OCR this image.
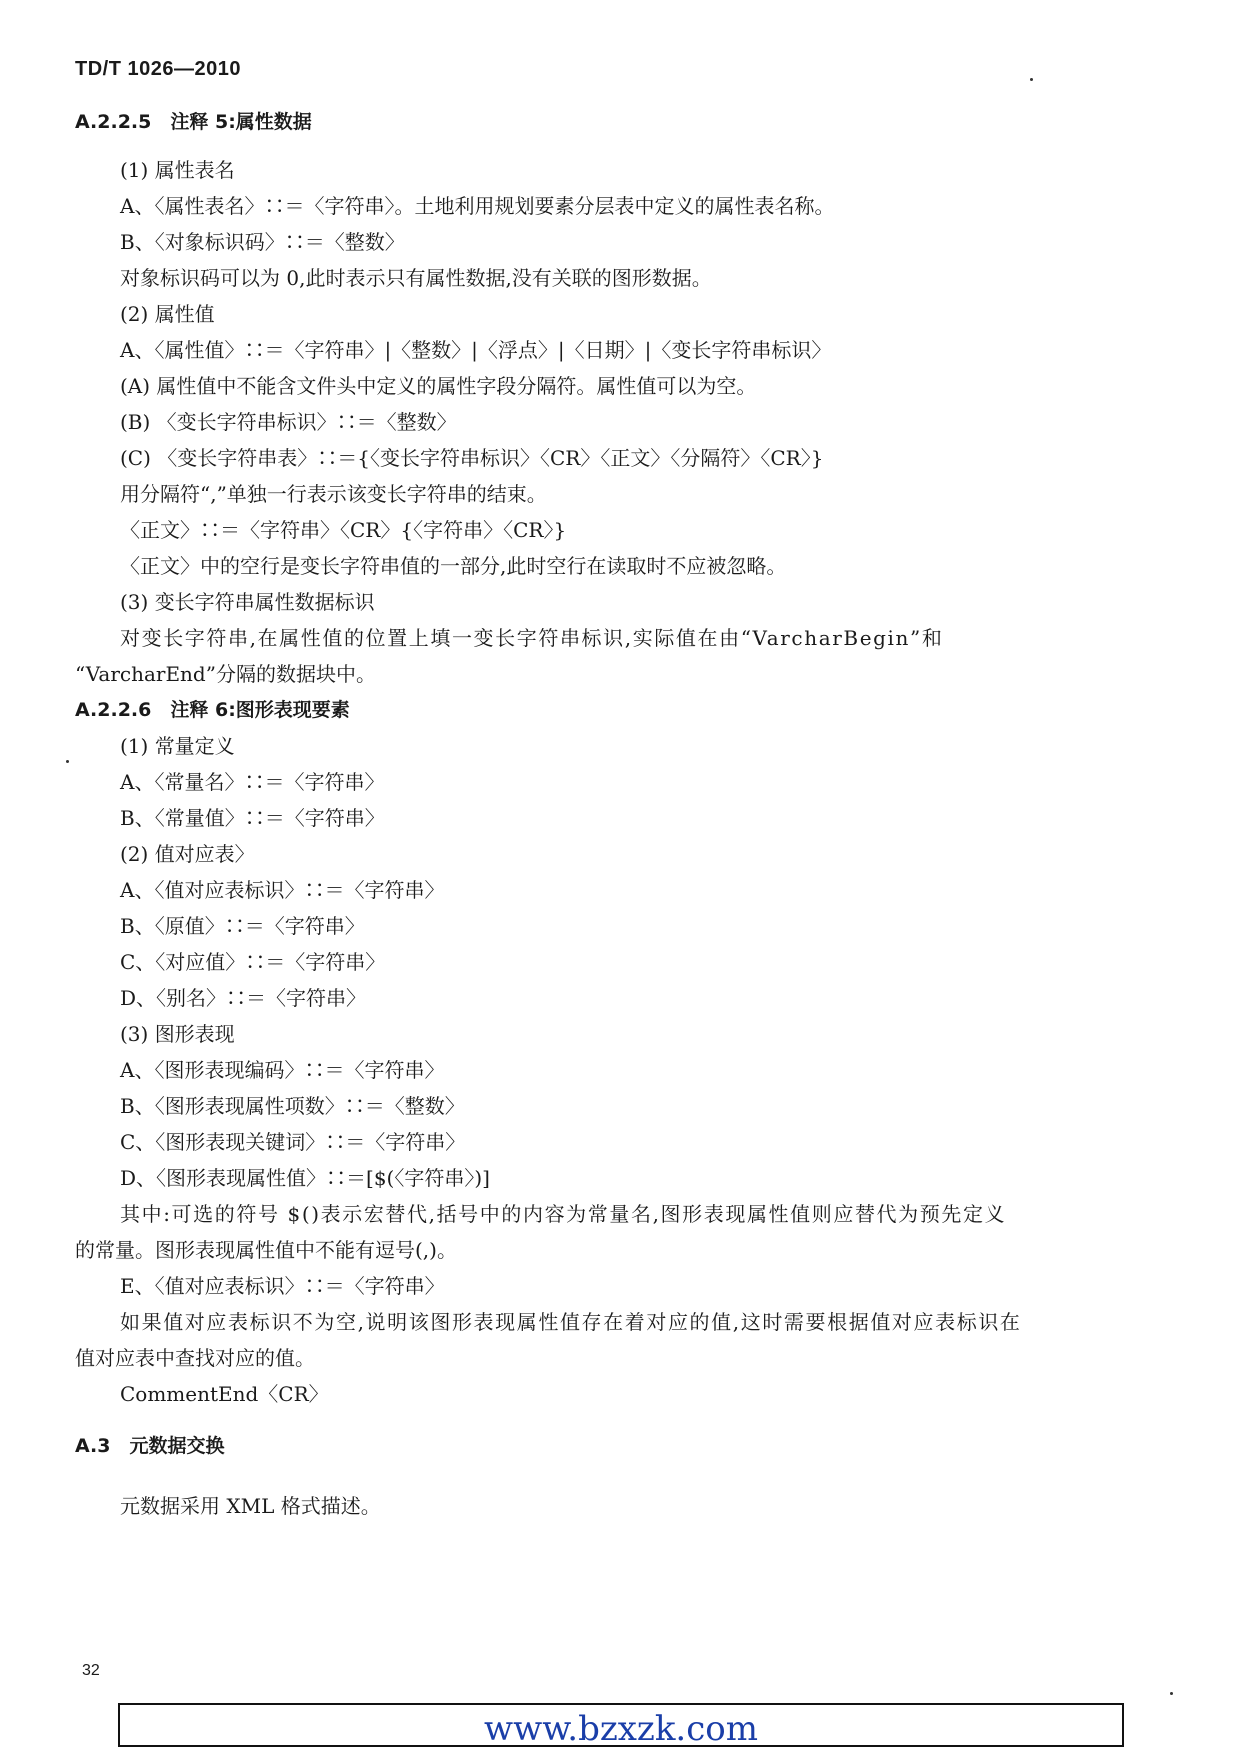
TD/T 1026—2010
A.2.2.5　注释 5:属性数据
(1) 属性表名
A、〈属性表名〉∷＝〈字符串〉。土地利用规划要素分层表中定义的属性表名称。
B、〈对象标识码〉∷＝〈整数〉
对象标识码可以为 0,此时表示只有属性数据,没有关联的图形数据。
(2) 属性值
A、〈属性值〉∷＝〈字符串〉|〈整数〉|〈浮点〉|〈日期〉|〈变长字符串标识〉
(A) 属性值中不能含文件头中定义的属性字段分隔符。属性值可以为空。
(B) 〈变长字符串标识〉∷＝〈整数〉
(C) 〈变长字符串表〉∷＝{〈变长字符串标识〉〈CR〉〈正文〉〈分隔符〉〈CR〉}
用分隔符“,”单独一行表示该变长字符串的结束。
〈正文〉∷＝〈字符串〉〈CR〉{〈字符串〉〈CR〉}
〈正文〉中的空行是变长字符串值的一部分,此时空行在读取时不应被忽略。
(3) 变长字符串属性数据标识
对变长字符串,在属性值的位置上填一变长字符串标识,实际值在由“VarcharBegin”和
“VarcharEnd”分隔的数据块中。
A.2.2.6　注释 6:图形表现要素
(1) 常量定义
A、〈常量名〉∷＝〈字符串〉
B、〈常量值〉∷＝〈字符串〉
(2) 值对应表〉
A、〈值对应表标识〉∷＝〈字符串〉
B、〈原值〉∷＝〈字符串〉
C、〈对应值〉∷＝〈字符串〉
D、〈别名〉∷＝〈字符串〉
(3) 图形表现
A、〈图形表现编码〉∷＝〈字符串〉
B、〈图形表现属性项数〉∷＝〈整数〉
C、〈图形表现关键词〉∷＝〈字符串〉
D、〈图形表现属性值〉∷＝[$(〈字符串〉)]
其中:可选的符号 $()表示宏替代,括号中的内容为常量名,图形表现属性值则应替代为预先定义
的常量。图形表现属性值中不能有逗号(,)。
E、〈值对应表标识〉∷＝〈字符串〉
如果值对应表标识不为空,说明该图形表现属性值存在着对应的值,这时需要根据值对应表标识在
值对应表中查找对应的值。
CommentEnd〈CR〉
A.3　元数据交换
元数据采用 XML 格式描述。
32
www.bzxzk.com
